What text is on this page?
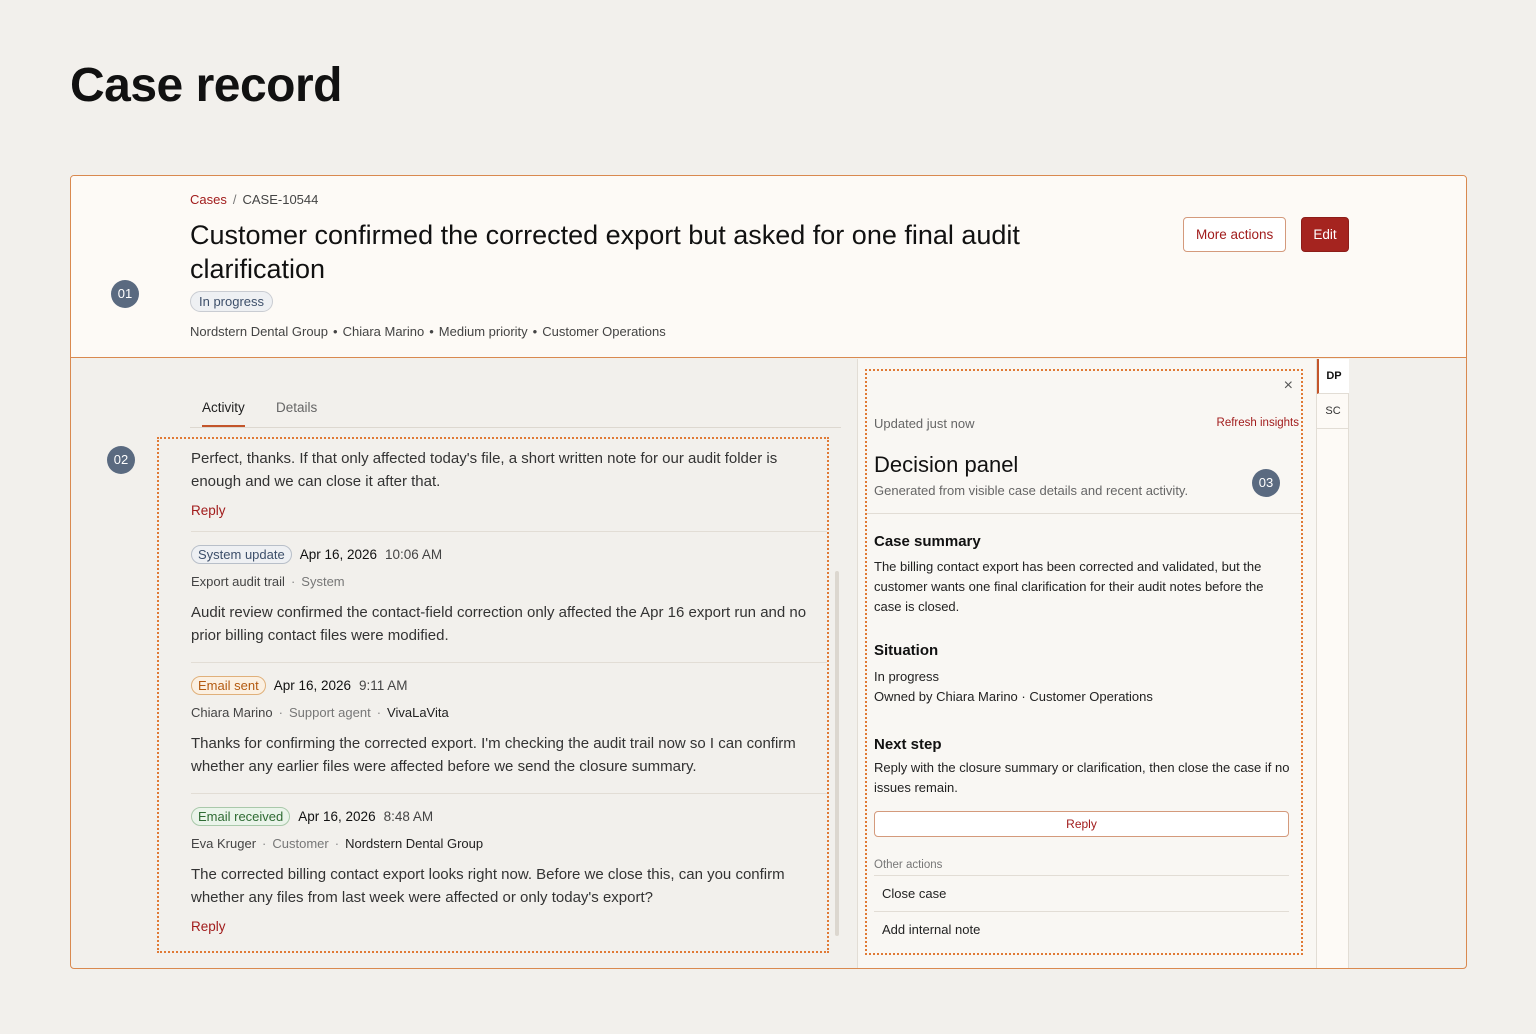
Case record
Cases / CASE-10544
Customer confirmed the corrected export but asked for one final audit clarification
In progress
Nordstern Dental Group • Chiara Marino • Medium priority • Customer Operations
More actions	Edit
01
Activity Details
02	Perfect, thanks. If that only affected today's file, a short written note for our audit folder is enough and we can close it after that.
Reply
System update	Apr 16, 2026 10:06 AM
Export audit trail · System
Audit review confirmed the contact-field correction only affected the Apr 16 export run and no prior billing contact files were modified.
Email sent	Apr 16, 2026 9:11 AM
Chiara Marino · Support agent · VivaLaVita
Thanks for confirming the corrected export. I'm checking the audit trail now so I can confirm whether any earlier files were affected before we send the closure summary.
Email received	Apr 16, 2026 8:48 AM
Eva Kruger · Customer · Nordstern Dental Group
The corrected billing contact export looks right now. Before we close this, can you confirm whether any files from last week were affected or only today's export?
Reply
×
Updated just now	Refresh insights
Decision panel
Generated from visible case details and recent activity.
03
Case summary
The billing contact export has been corrected and validated, but the customer wants one final clarification for their audit notes before the case is closed.
Situation
In progress
Owned by Chiara Marino · Customer Operations
Next step
Reply with the closure summary or clarification, then close the case if no issues remain.
Reply
Other actions
Close case
Add internal note
DP
SC
